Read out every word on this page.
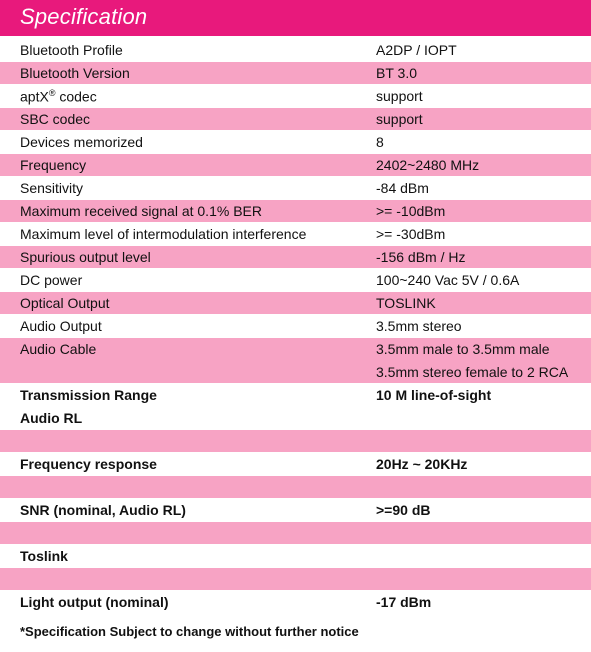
Specification
Bluetooth Profile	A2DP / IOPT
Bluetooth Version	BT 3.0
aptX® codec	support
SBC codec	support
Devices memorized	8
Frequency	2402~2480 MHz
Sensitivity	-84 dBm
Maximum received signal at 0.1% BER	>= -10dBm
Maximum level of intermodulation interference	>= -30dBm
Spurious output level	-156 dBm / Hz
DC power	100~240 Vac 5V / 0.6A
Optical Output	TOSLINK
Audio Output	3.5mm stereo
Audio Cable	3.5mm male to 3.5mm male
3.5mm stereo female to 2 RCA
Transmission Range	10 M line-of-sight
Audio RL
Frequency response	20Hz ~ 20KHz
SNR (nominal, Audio RL)	>=90 dB
Toslink
Light output (nominal)	-17 dBm
*Specification Subject to change without further notice
